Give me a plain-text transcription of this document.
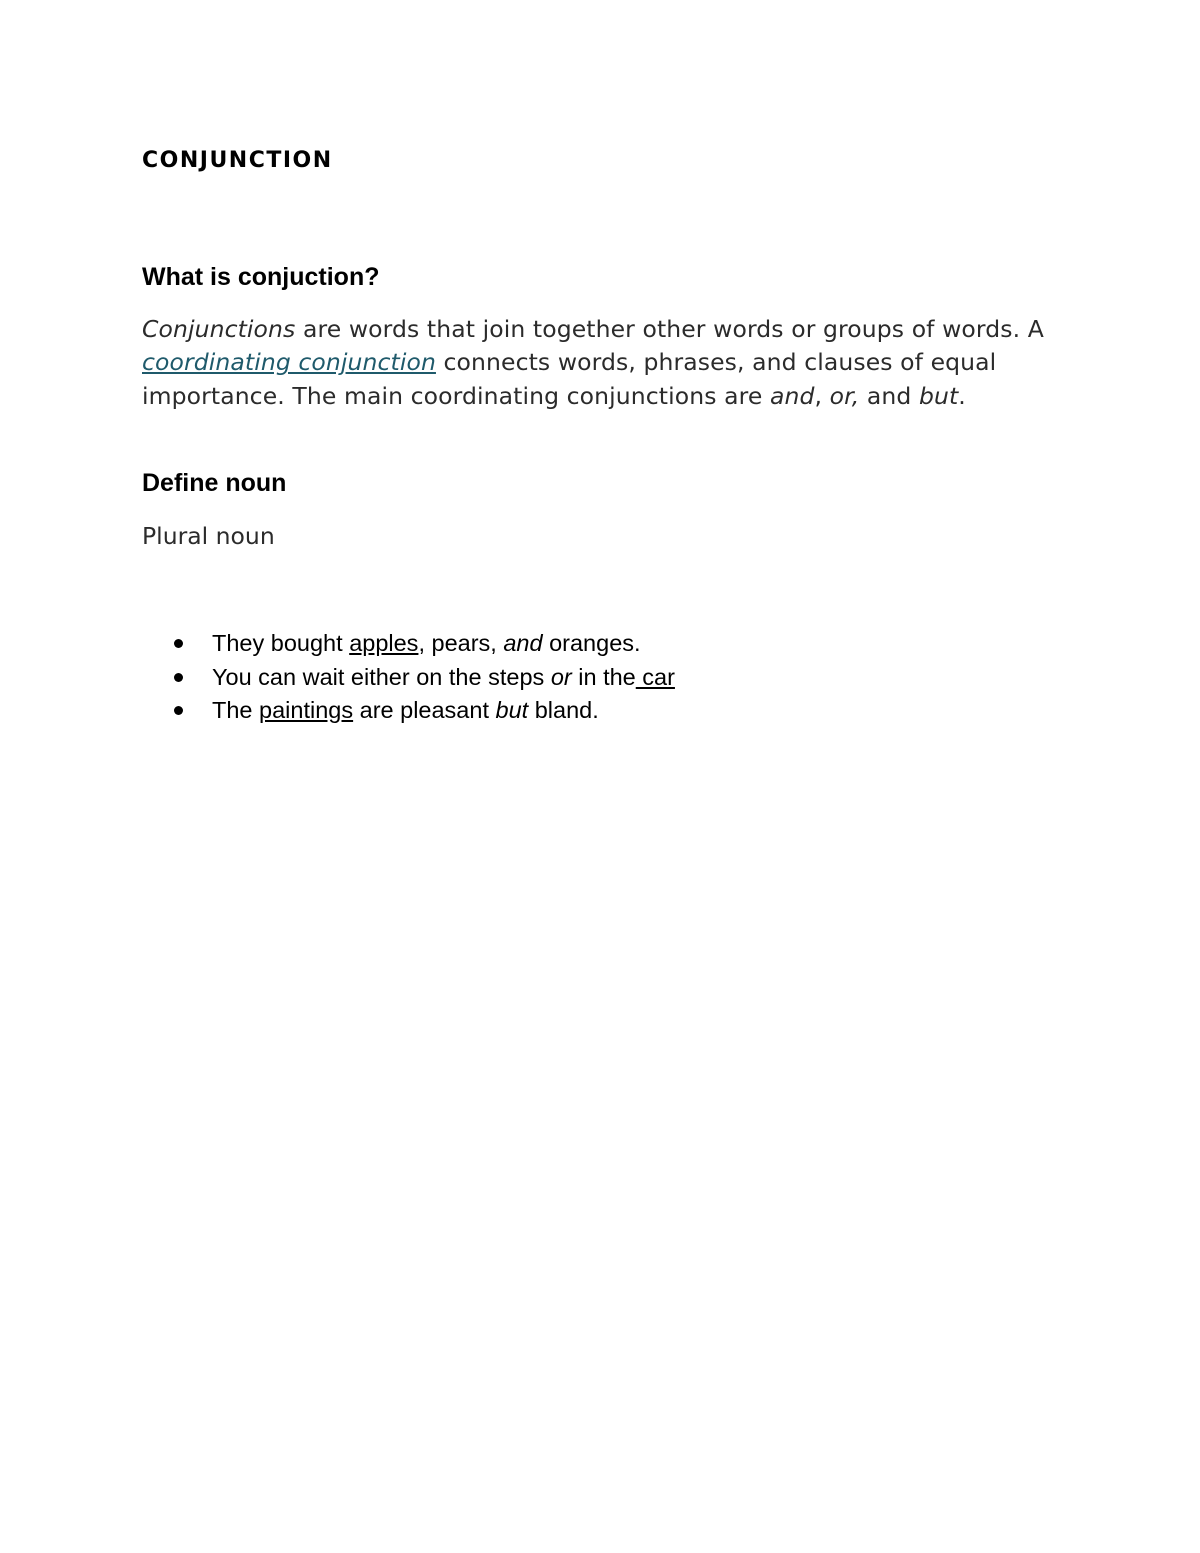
CONJUNCTION
What is conjuction?

Conjunctions are words that join together other words or groups of words. A coordinating conjunction connects words, phrases, and clauses of equal importance. The main coordinating conjunctions are and, or, and but.

Define noun

Plural noun

They bought apples, pears, and oranges.
You can wait either on the steps or in the car
The paintings are pleasant but bland.
